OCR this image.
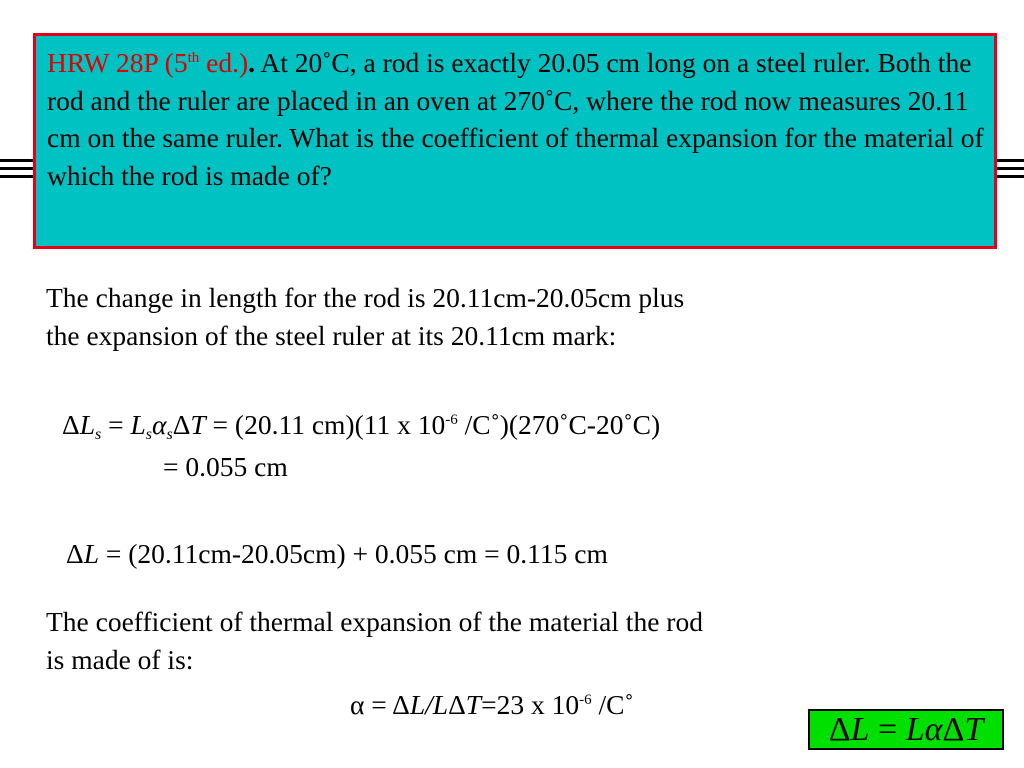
HRW 28P (5th ed.). At 20˚C, a rod is exactly 20.05 cm long on a steel ruler. Both the rod and the ruler are placed in an oven at 270˚C, where the rod now measures 20.11 cm on the same ruler. What is the coefficient of thermal expansion for the material of which the rod is made of?
The change in length for the rod is 20.11cm-20.05cm plus
the expansion of the steel ruler at its 20.11cm mark:
$\Delta L_s = L_s\alpha_s\Delta T = (20.11$ cm)(11 x $10^{-6}$ /C˚)(270˚C-20˚C)
= 0.055 cm
ΔL = (20.11cm-20.05cm) + 0.055 cm = 0.115 cm
The coefficient of thermal expansion of the material the rod
is made of is:
α = ΔL/LΔT=23 x $10^{-6}$ /C˚
ΔL = LαΔT
